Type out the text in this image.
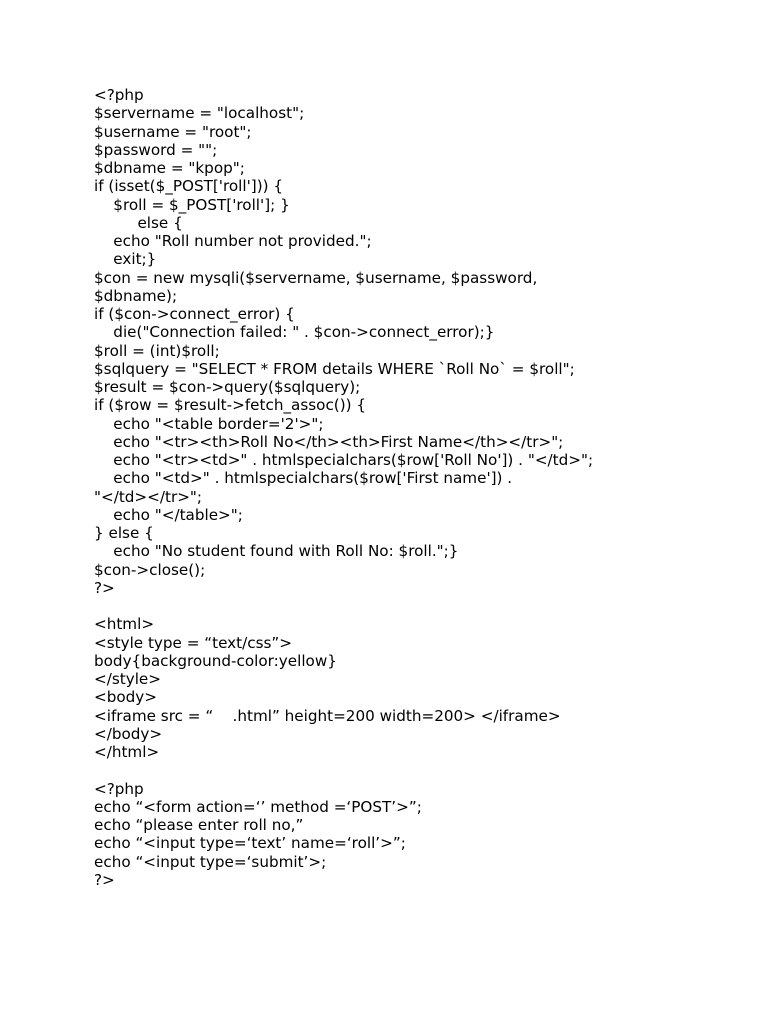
<?php
$servername = "localhost";
$username = "root";
$password = "";
$dbname = "kpop";
if (isset($_POST['roll'])) {
$roll = $_POST['roll']; }
else {
echo "Roll number not provided.";
exit;}
$con = new mysqli($servername, $username, $password,
$dbname);
if ($con->connect_error) {
die("Connection failed: " . $con->connect_error);}
$roll = (int)$roll;
$sqlquery = "SELECT * FROM details WHERE `Roll No` = $roll";
$result = $con->query($sqlquery);
if ($row = $result->fetch_assoc()) {
echo "<table border='2'>";
echo "<tr><th>Roll No</th><th>First Name</th></tr>";
echo "<tr><td>" . htmlspecialchars($row['Roll No']) . "</td>";
echo "<td>" . htmlspecialchars($row['First name']) .
"</td></tr>";
echo "</table>";
} else {
echo "No student found with Roll No: $roll.";}
$con->close();
?>
<html>
<style type = “text/css”>
body{background-color:yellow}
</style>
<body>
<iframe src = “    .html” height=200 width=200> </iframe>
</body>
</html>
<?php
echo “<form action=‘’ method =‘POST’>”;
echo “please enter roll no,”
echo “<input type=‘text’ name=‘roll’>”;
echo “<input type=‘submit’>;
?>
